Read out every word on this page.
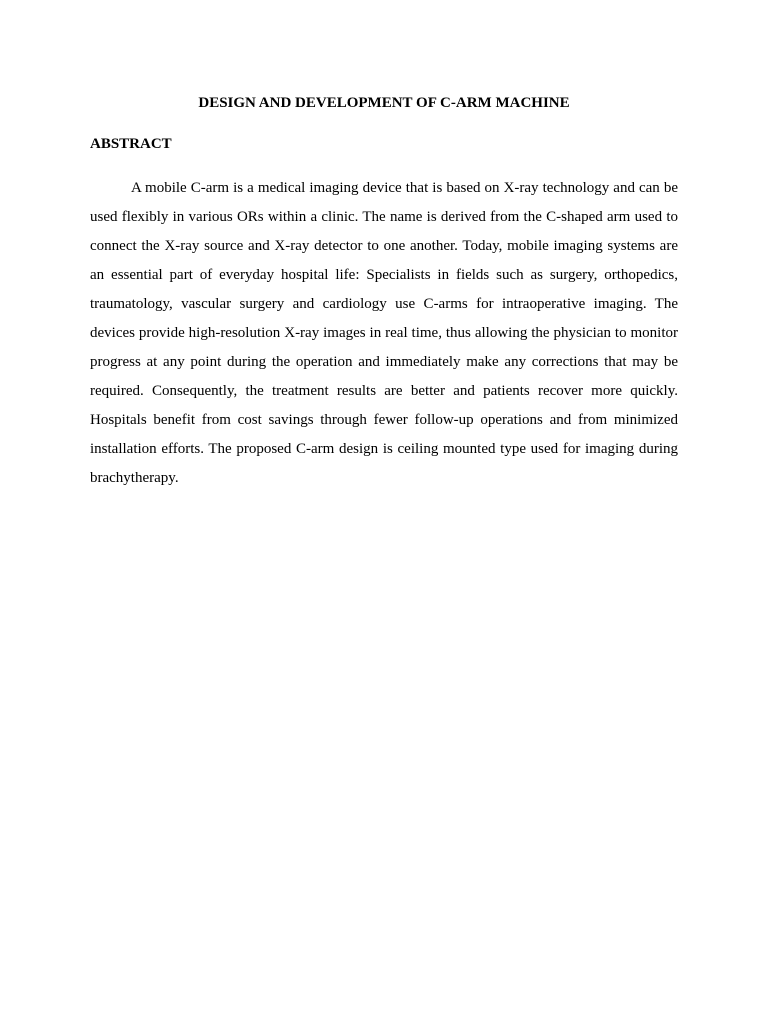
DESIGN AND DEVELOPMENT OF C-ARM MACHINE
ABSTRACT

A mobile C-arm is a medical imaging device that is based on X-ray technology and can be used flexibly in various ORs within a clinic. The name is derived from the C-shaped arm used to connect the X-ray source and X-ray detector to one another. Today, mobile imaging systems are an essential part of everyday hospital life: Specialists in fields such as surgery, orthopedics, traumatology, vascular surgery and cardiology use C-arms for intraoperative imaging. The devices provide high-resolution X-ray images in real time, thus allowing the physician to monitor progress at any point during the operation and immediately make any corrections that may be required. Consequently, the treatment results are better and patients recover more quickly. Hospitals benefit from cost savings through fewer follow-up operations and from minimized installation efforts. The proposed C-arm design is ceiling mounted type used for imaging during brachytherapy.
